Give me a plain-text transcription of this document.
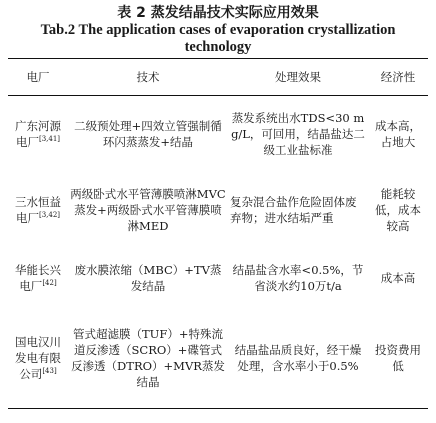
表 2 蒸发结晶技术实际应用效果

Tab.2 The application cases of evaporation crystallization technology

电厂	技术	处理效果	经济性
广东河源电厂[3,41]	二级预处理+四效立管强制循环闪蒸蒸发+结晶	蒸发系统出水TDS<30 mg/L，可回用，结晶盐达二级工业盐标准	成本高，占地大
三水恒益电厂[3,42]	两级卧式水平管薄膜喷淋MVC蒸发+两级卧式水平管薄膜喷淋MED	复杂混合盐作危险固体废弃物；进水结垢严重	能耗较低，成本较高
华能长兴电厂[42]	废水膜浓缩（MBC）+TV蒸发结晶	结晶盐含水率<0.5%，节省淡水约10万t/a	成本高
国电汉川发电有限公司[43]	管式超滤膜（TUF）+特殊流道反渗透（SCRO）+碟管式反渗透（DTRO）+MVR蒸发结晶	结晶盐品质良好，经干燥处理，含水率小于0.5%	投资费用低
